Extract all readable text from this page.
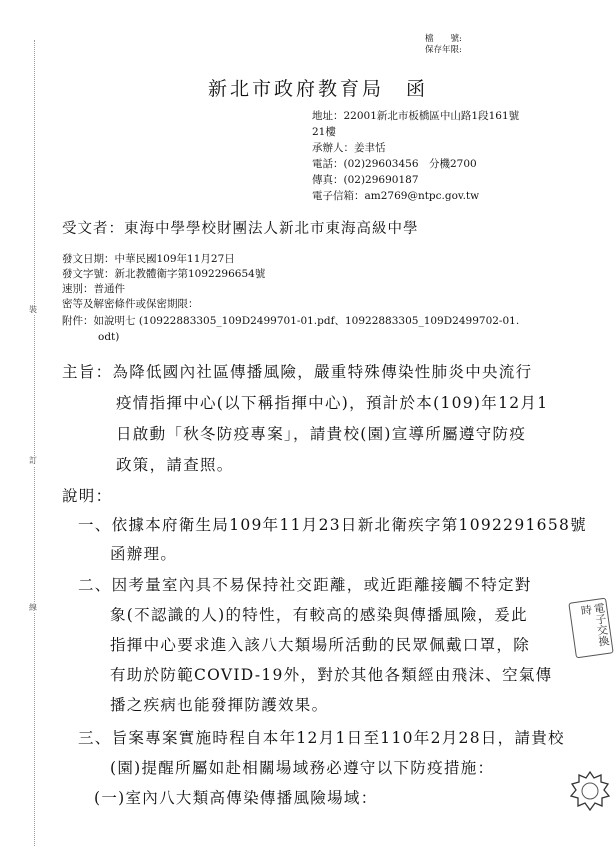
裝
訂
線
檔　　號:
保存年限:
新北市政府教育局　函
地址：22001新北市板橋區中山路1段161號
21樓
承辦人：姜聿恬
電話：(02)29603456　分機2700
傳真：(02)29690187
電子信箱：am2769@ntpc.gov.tw
受文者：東海中學學校財團法人新北市東海高級中學
發文日期：中華民國109年11月27日
發文字號：新北教體衛字第1092296654號
速別：普通件
密等及解密條件或保密期限：
附件：如說明七 (10922883305_109D2499701-01.pdf、10922883305_109D2499702-01.
odt)
主旨：為降低國內社區傳播風險，嚴重特殊傳染性肺炎中央流行
疫情指揮中心(以下稱指揮中心)，預計於本(109)年12月1
日啟動「秋冬防疫專案」，請貴校(園)宣導所屬遵守防疫
政策，請查照。
說明：
一、依據本府衛生局109年11月23日新北衛疾字第1092291658號
函辦理。
二、因考量室內具不易保持社交距離，或近距離接觸不特定對
象(不認識的人)的特性，有較高的感染與傳播風險，爰此
指揮中心要求進入該八大類場所活動的民眾佩戴口罩，除
有助於防範COVID-19外，對於其他各類經由飛沫、空氣傳
播之疾病也能發揮防護效果。
三、旨案專案實施時程自本年12月1日至110年2月28日，請貴校
(園)提醒所屬如赴相關場域務必遵守以下防疫措施：
(一)室內八大類高傳染傳播風險場域：
電子交換時
